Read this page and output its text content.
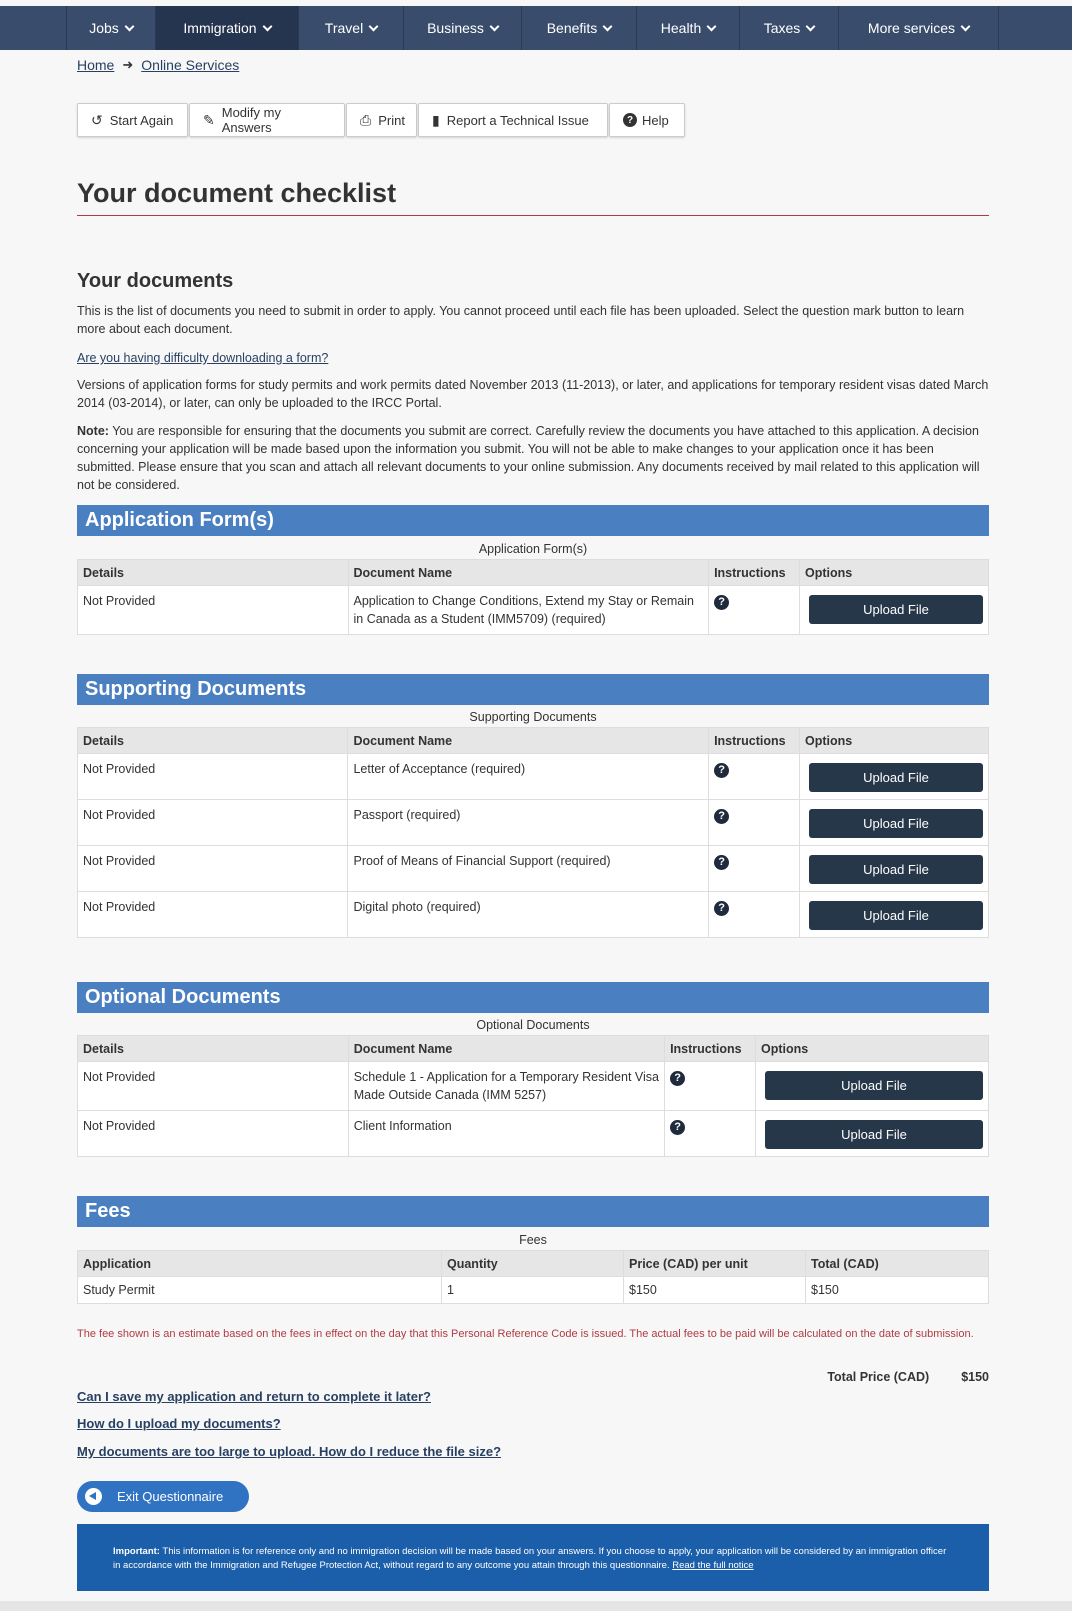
Jobs	Immigration	Travel	Business	Benefits	Health	Taxes	More services
Home ➜ Online Services
↺ Start Again ✎ Modify my Answers	⎙ Print ▮ Report a Technical Issue	? Help
Your document checklist
Your documents

This is the list of documents you need to submit in order to apply. You cannot proceed until each file has been uploaded. Select the question mark button to learn more about each document.

Are you having difficulty downloading a form?

Versions of application forms for study permits and work permits dated November 2013 (11-2013), or later, and applications for temporary resident visas dated March 2014 (03-2014), or later, can only be uploaded to the IRCC Portal.

Note: You are responsible for ensuring that the documents you submit are correct. Carefully review the documents you have attached to this application. A decision concerning your application will be made based upon the information you submit. You will not be able to make changes to your application once it has been submitted. Please ensure that you scan and attach all relevant documents to your online submission. Any documents received by mail related to this application will not be considered.

Application Form(s)
Application Form(s)
Details	Document Name	Instructions	Options
Not Provided	Application to Change Conditions, Extend my Stay or Remain in Canada as a Student (IMM5709) (required)	?	Upload File
Supporting Documents
Supporting Documents
Details	Document Name	Instructions	Options
Not Provided	Letter of Acceptance (required)	?	Upload File

Not Provided	Passport (required)	?	Upload File

Not Provided	Proof of Means of Financial Support (required)	?	Upload File

Not Provided	Digital photo (required)	?	Upload File
Optional Documents
Optional Documents
Details	Document Name	Instructions	Options
Not Provided	Schedule 1 - Application for a Temporary Resident Visa Made Outside Canada (IMM 5257)	?	Upload File

Not Provided	Client Information	?	Upload File
Fees
Fees
Application	Quantity	Price (CAD) per unit	Total (CAD)
Study Permit	1	$150	$150

The fee shown is an estimate based on the fees in effect on the day that this Personal Reference Code is issued. The actual fees to be paid will be calculated on the date of submission.

Total Price (CAD)	$150
Can I save my application and return to complete it later?
How do I upload my documents?
My documents are too large to upload. How do I reduce the file size?
Exit Questionnaire
Important: This information is for reference only and no immigration decision will be made based on your answers. If you choose to apply, your application will be considered by an immigration officer in accordance with the Immigration and Refugee Protection Act, without regard to any outcome you attain through this questionnaire. Read the full notice
